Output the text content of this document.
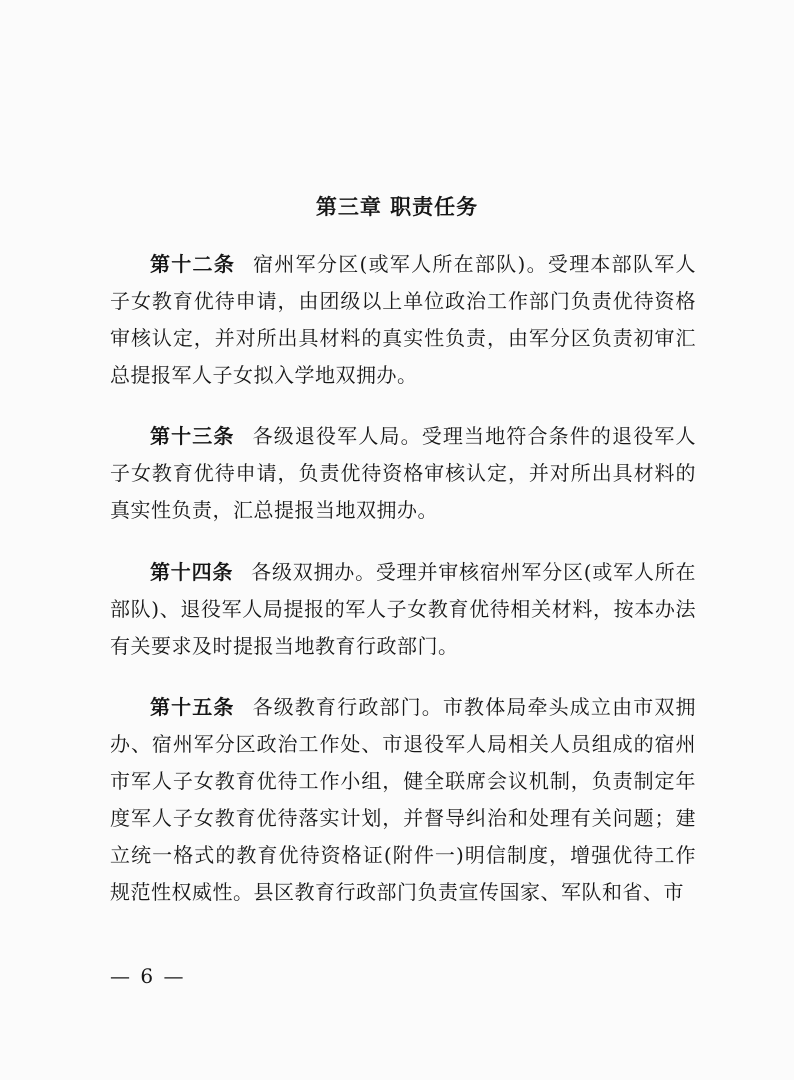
第三章 职责任务
第十二条 宿州军分区(或军人所在部队)。受理本部队军人子女教育优待申请，由团级以上单位政治工作部门负责优待资格审核认定，并对所出具材料的真实性负责，由军分区负责初审汇总提报军人子女拟入学地双拥办。
第十三条 各级退役军人局。受理当地符合条件的退役军人子女教育优待申请，负责优待资格审核认定，并对所出具材料的真实性负责，汇总提报当地双拥办。
第十四条 各级双拥办。受理并审核宿州军分区(或军人所在部队)、退役军人局提报的军人子女教育优待相关材料，按本办法有关要求及时提报当地教育行政部门。
第十五条 各级教育行政部门。市教体局牵头成立由市双拥办、宿州军分区政治工作处、市退役军人局相关人员组成的宿州市军人子女教育优待工作小组，健全联席会议机制，负责制定年度军人子女教育优待落实计划，并督导纠治和处理有关问题；建立统一格式的教育优待资格证(附件一)明信制度，增强优待工作规范性权威性。县区教育行政部门负责宣传国家、军队和省、市
— 6 —
